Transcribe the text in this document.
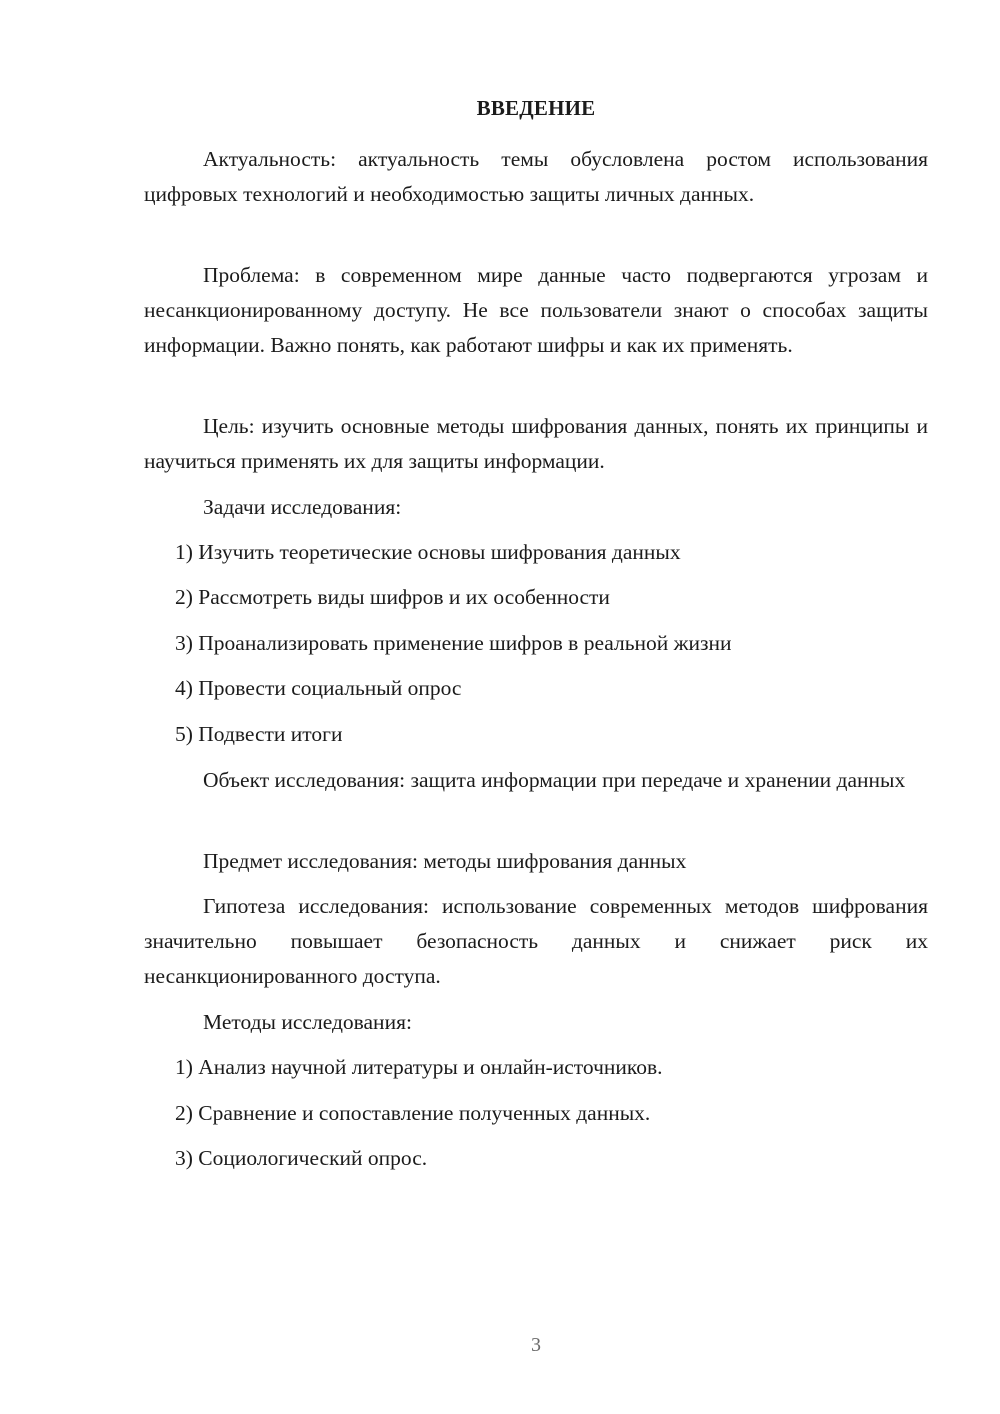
ВВЕДЕНИЕ

Актуальность: актуальность темы обусловлена ростом использования цифровых технологий и необходимостью защиты личных данных.

Проблема: в современном мире данные часто подвергаются угрозам и несанкционированному доступу. Не все пользователи знают о способах защиты информации. Важно понять, как работают шифры и как их применять.

Цель: изучить основные методы шифрования данных, понять их принципы и научиться применять их для защиты информации.

Задачи исследования:

1) Изучить теоретические основы шифрования данных

2) Рассмотреть виды шифров и их особенности

3) Проанализировать применение шифров в реальной жизни

4) Провести социальный опрос

5) Подвести итоги

Объект исследования: защита информации при передаче и хранении данных

Предмет исследования: методы шифрования данных

Гипотеза исследования: использование современных методов шифрования значительно повышает безопасность данных и снижает риск их несанкционированного доступа.

Методы исследования:

1) Анализ научной литературы и онлайн-источников.

2) Сравнение и сопоставление полученных данных.

3) Социологический опрос.

3
